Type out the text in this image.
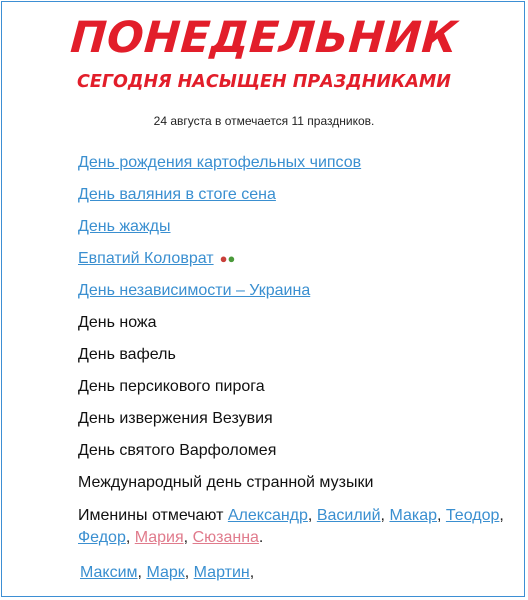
ПОНЕДЕЛЬНИК
СЕГОДНЯ НАСЫЩЕН ПРАЗДНИКАМИ
24 августа в отмечается 11 праздников.
День рождения картофельных чипсов
День валяния в стоге сена
День жажды
Евпатий Коловрат ●●
День независимости – Украина
День ножа
День вафель
День персикового пирога
День извержения Везувия
День святого Варфоломея
Международный день странной музыки
Именины отмечают Александр, Василий, Макар, Теодор, Федор, Мария, Сюзанна.
Максим, Марк, Мартин,
